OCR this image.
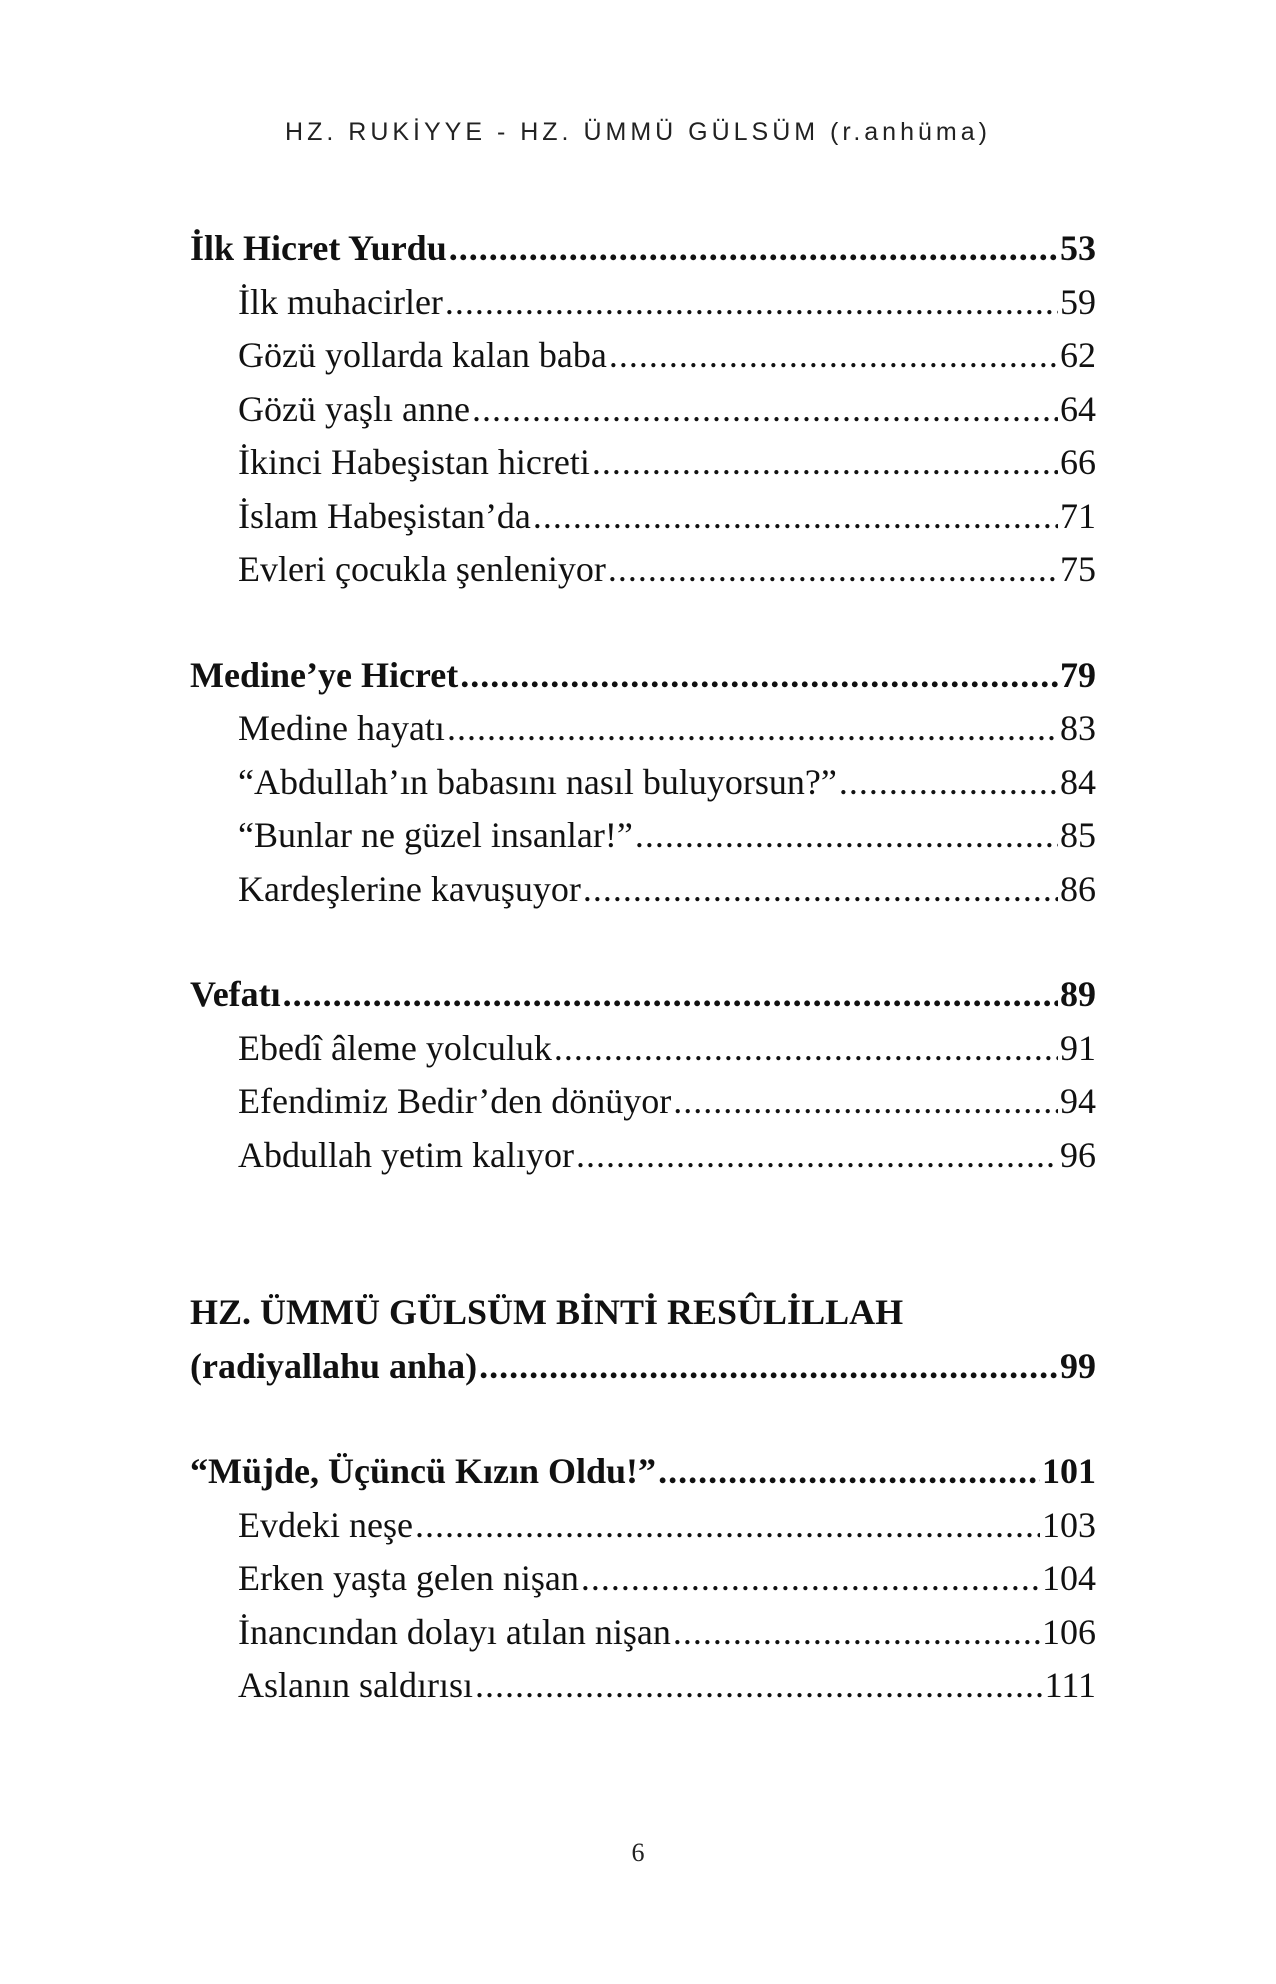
HZ. RUKİYYE - HZ. ÜMMÜ GÜLSÜM (r.anhüma)
İlk Hicret Yurdu .....	53
İlk muhacirler .....	59
Gözü yollarda kalan baba .....	62
Gözü yaşlı anne .....	64
İkinci Habeşistan hicreti .....	66
İslam Habeşistan’da .....	71
Evleri çocukla şenleniyor .....	75
Medine’ye Hicret .....	79
Medine hayatı .....	83
“Abdullah’ın babasını nasıl buluyorsun?” .....	84
“Bunlar ne güzel insanlar!” .....	85
Kardeşlerine kavuşuyor .....	86
Vefatı .....	89
Ebedî âleme yolculuk .....	91
Efendimiz Bedir’den dönüyor .....	94
Abdullah yetim kalıyor .....	96
HZ. ÜMMÜ GÜLSÜM BİNTİ RESÛLİLLAH
(radiyallahu anha) .....	99
“Müjde, Üçüncü Kızın Oldu!” .....	101
Evdeki neşe .....	103
Erken yaşta gelen nişan .....	104
İnancından dolayı atılan nişan .....	106
Aslanın saldırısı .....	111
6
